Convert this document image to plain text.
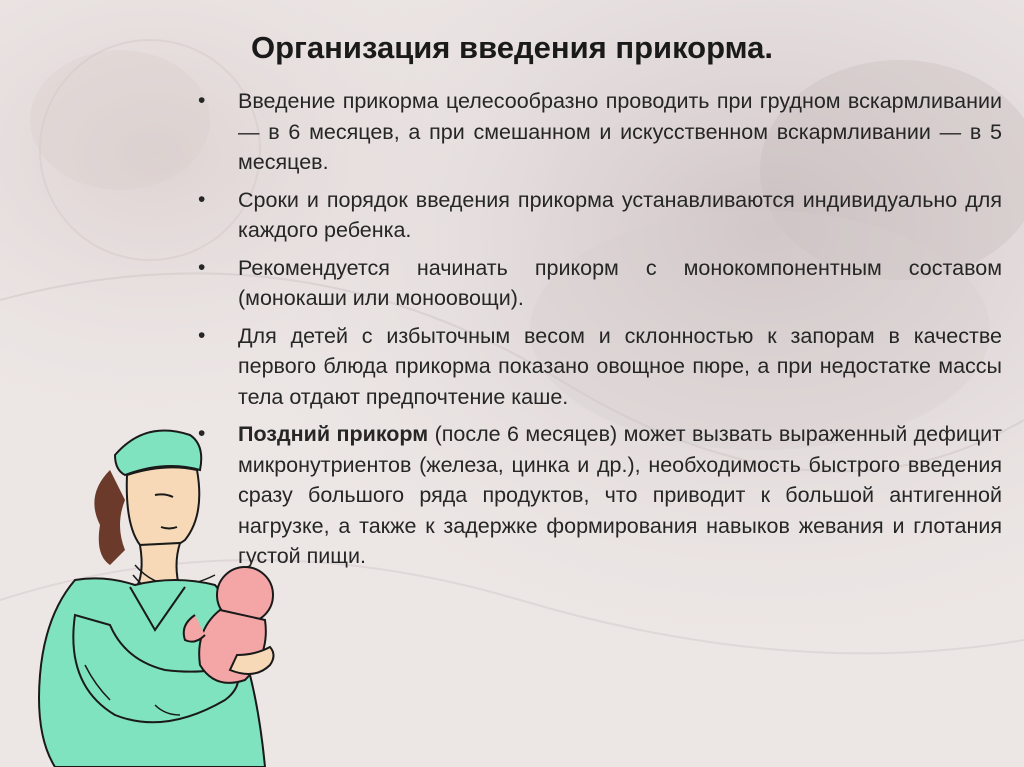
Организация введения прикорма.
•	Введение прикорма целесообразно проводить при грудном вскармливании — в 6 месяцев, а при смешанном и искусственном вскармливании — в 5 месяцев.
•	Сроки и порядок введения прикорма устанавливаются индивидуально для каждого ребенка.
•	Рекомендуется начинать прикорм с монокомпонентным составом (монокаши или моноовощи).
•	Для детей с избыточным весом и склонностью к запорам в качестве первого блюда прикорма показано овощное пюре, а при недостатке массы тела отдают предпочтение каше.
•	Поздний прикорм (после 6 месяцев) может вызвать выраженный дефицит микронутриентов (железа, цинка и др.), необходимость быстрого введения сразу большого ряда продуктов, что приводит к большой антигенной нагрузке, а также к задержке формирования навыков жевания и глотания густой пищи.
